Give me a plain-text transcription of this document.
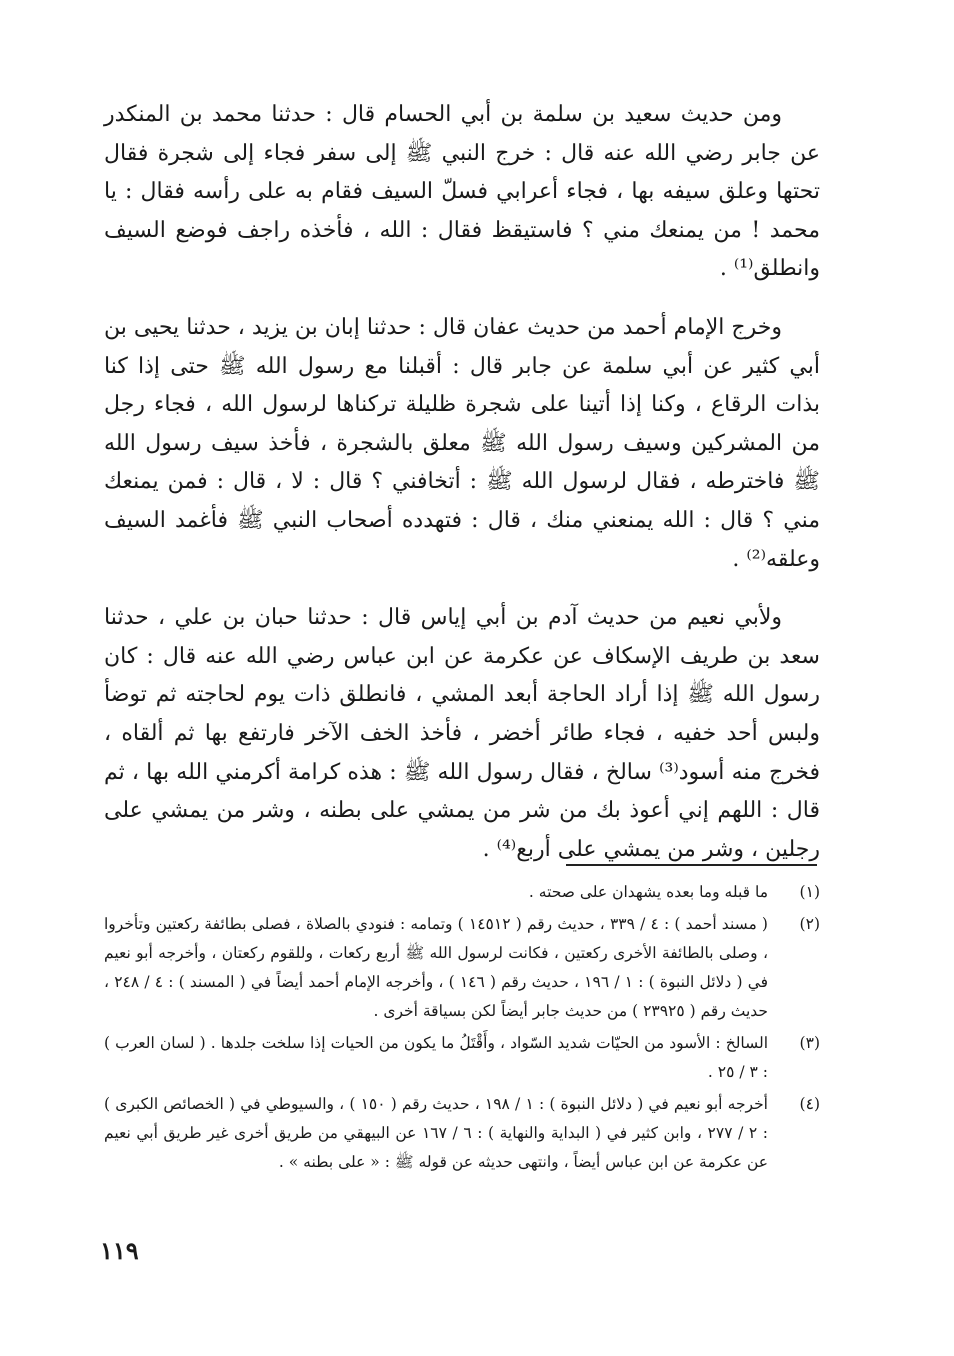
ومن حديث سعيد بن سلمة بن أبي الحسام قال : حدثنا محمد بن المنكدر عن جابر رضي الله عنه قال : خرج النبي ﷺ إلى سفر فجاء إلى شجرة فقال تحتها وعلق سيفه بها ، فجاء أعرابي فسلّ السيف فقام به على رأسه فقال : يا محمد ! من يمنعك مني ؟ فاستيقظ فقال : الله ، فأخذه راجف فوضع السيف وانطلق⁽¹⁾ .

وخرج الإمام أحمد من حديث عفان قال : حدثنا إبان بن يزيد ، حدثنا يحيى بن أبي كثير عن أبي سلمة عن جابر قال : أقبلنا مع رسول الله ﷺ حتى إذا كنا بذات الرقاع ، وكنا إذا أتينا على شجرة ظليلة تركناها لرسول الله ، فجاء رجل من المشركين وسيف رسول الله ﷺ معلق بالشجرة ، فأخذ سيف رسول الله ﷺ فاخترطه ، فقال لرسول الله ﷺ : أتخافني ؟ قال : لا ، قال : فمن يمنعك مني ؟ قال : الله يمنعني منك ، قال : فتهدده أصحاب النبي ﷺ فأغمد السيف وعلقه⁽²⁾ .

ولأبي نعيم من حديث آدم بن أبي إياس قال : حدثنا حبان بن علي ، حدثنا سعد بن طريف الإسكاف عن عكرمة عن ابن عباس رضي الله عنه قال : كان رسول الله ﷺ إذا أراد الحاجة أبعد المشي ، فانطلق ذات يوم لحاجته ثم توضأ ولبس أحد خفيه ، فجاء طائر أخضر ، فأخذ الخف الآخر فارتفع بها ثم ألقاه ، فخرج منه أسود⁽³⁾ سالخ ، فقال رسول الله ﷺ : هذه كرامة أكرمني الله بها ، ثم قال : اللهم إني أعوذ بك من شر من يمشي على بطنه ، وشر من يمشي على رجلين ، وشر من يمشي على أربع⁽⁴⁾ .

(١)
ما قبله وما بعده يشهدان على صحته .
(٢)
( مسند أحمد ) : ٤ / ٣٣٩ ، حديث رقم ( ١٤٥١٢ ) وتمامه : فنودي بالصلاة ، فصلى بطائفة ركعتين وتأخروا ، وصلى بالطائفة الأخرى ركعتين ، فكانت لرسول الله ﷺ أربع ركعات ، وللقوم ركعتان ، وأخرجه أبو نعيم في ( دلائل النبوة ) : ١ / ١٩٦ ، حديث رقم ( ١٤٦ ) ، وأخرجه الإمام أحمد أيضاً في ( المسند ) : ٤ / ٢٤٨ ، حديث رقم ( ٢٣٩٢٥ ) من حديث جابر أيضاً لكن بسياقة أخرى .
(٣)
السالخ : الأسود من الحيّات شديد السّواد ، وأَقْتَلُ ما يكون من الحيات إذا سلخت جلدها . ( لسان العرب ) : ٣ / ٢٥ .
(٤)
أخرجه أبو نعيم في ( دلائل النبوة ) : ١ / ١٩٨ ، حديث رقم ( ١٥٠ ) ، والسيوطي في ( الخصائص الكبرى ) : ٢ / ٢٧٧ ، وابن كثير في ( البداية والنهاية ) : ٦ / ١٦٧ عن البيهقي من طريق أخرى غير طريق أبي نعيم عن عكرمة عن ابن عباس أيضاً ، وانتهى حديثه عن قوله ﷺ : « على بطنه » .
١١٩
